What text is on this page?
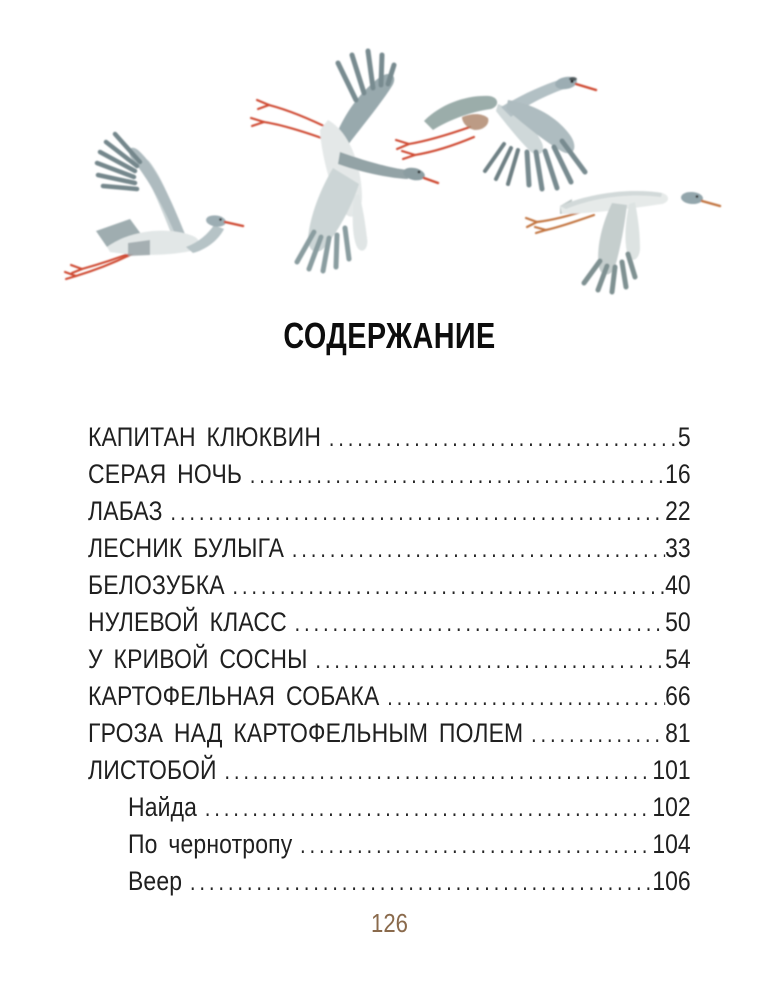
СОДЕРЖАНИЕ
КАПИТАН КЛЮКВИН .....	5
СЕРАЯ НОЧЬ .....	16
ЛАБАЗ .....	22
ЛЕСНИК БУЛЫГА .....	33
БЕЛОЗУБКА .....	40
НУЛЕВОЙ КЛАСС .....	50
У КРИВОЙ СОСНЫ .....	54
КАРТОФЕЛЬНАЯ СОБАКА .....	66
ГРОЗА НАД КАРТОФЕЛЬНЫМ ПОЛЕМ .....	81
ЛИСТОБОЙ .....	101
Найда .....	102
По чернотропу .....	104
Веер .....	106
126
